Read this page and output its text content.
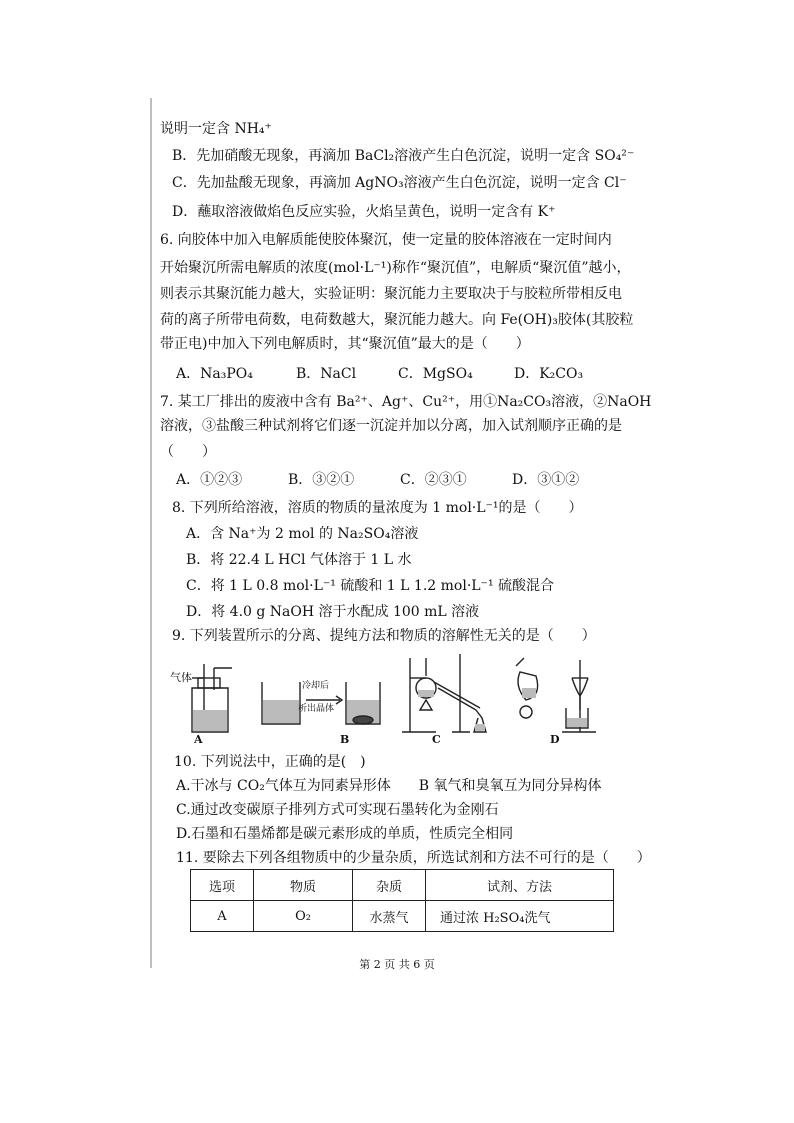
说明一定含 NH₄⁺
B．先加硝酸无现象，再滴加 BaCl₂溶液产生白色沉淀，说明一定含 SO₄²⁻
C．先加盐酸无现象，再滴加 AgNO₃溶液产生白色沉淀，说明一定含 Cl⁻
D．蘸取溶液做焰色反应实验，火焰呈黄色，说明一定含有 K⁺
6. 向胶体中加入电解质能使胶体聚沉，使一定量的胶体溶液在一定时间内
开始聚沉所需电解质的浓度(mol·L⁻¹)称作“聚沉值”，电解质“聚沉值”越小，
则表示其聚沉能力越大，实验证明：聚沉能力主要取决于与胶粒所带相反电
荷的离子所带电荷数，电荷数越大，聚沉能力越大。向 Fe(OH)₃胶体(其胶粒
带正电)中加入下列电解质时，其“聚沉值”最大的是（　　）
A．Na₃PO₄	B．NaCl	C．MgSO₄	D．K₂CO₃
7. 某工厂排出的废液中含有 Ba²⁺、Ag⁺、Cu²⁺，用①Na₂CO₃溶液，②NaOH
溶液，③盐酸三种试剂将它们逐一沉淀并加以分离，加入试剂顺序正确的是
（　　）
A．①②③	B．③②①	C．②③①	D．③①②
8. 下列所给溶液，溶质的物质的量浓度为 1 mol·L⁻¹的是（　　）
A．含 Na⁺为 2 mol 的 Na₂SO₄溶液
B．将 22.4 L HCl 气体溶于 1 L 水
C．将 1 L 0.8 mol·L⁻¹ 硫酸和 1 L 1.2 mol·L⁻¹ 硫酸混合
D．将 4.0 g NaOH 溶于水配成 100 mL 溶液
9. 下列装置所示的分离、提纯方法和物质的溶解性无关的是（　　）
气体
A
冷却后
析出晶体
B	C	D
10. 下列说法中，正确的是(　)
A.干冰与 CO₂气体互为同素异形体　　B 氧气和臭氧互为同分异构体
C.通过改变碳原子排列方式可实现石墨转化为金刚石
D.石墨和石墨烯都是碳元素形成的单质，性质完全相同
11. 要除去下列各组物质中的少量杂质，所选试剂和方法不可行的是（　　）
选项	物质	杂质	试剂、方法
A	O₂	水蒸气	通过浓 H₂SO₄洗气
第 2 页 共 6 页
